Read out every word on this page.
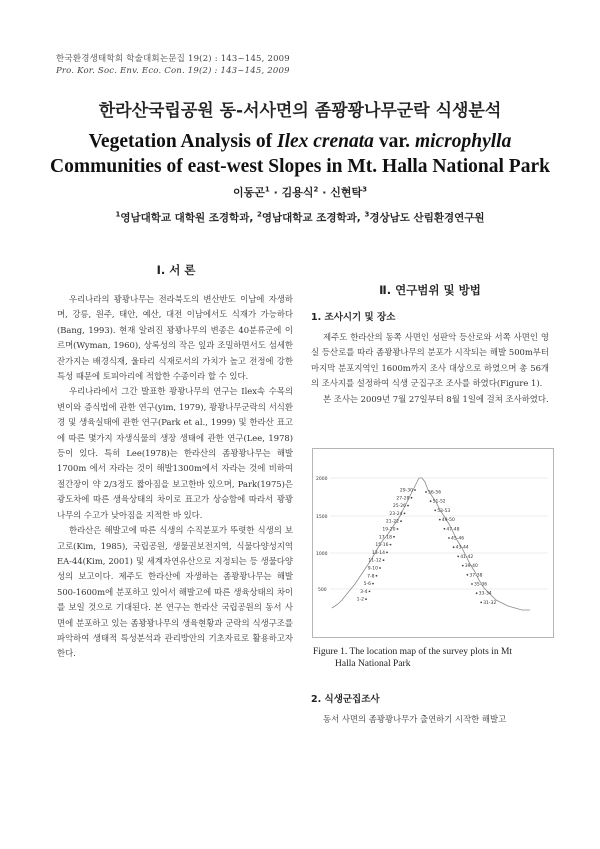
한국환경생태학회 학술대회논문집 19(2) : 143~145, 2009
Pro. Kor. Soc. Env. Eco. Con. 19(2) : 143~145, 2009
한라산국립공원 동-서사면의 좀꽝꽝나무군락 식생분석
Vegetation Analysis of Ilex crenata var. microphylla Communities of east-west Slopes in Mt. Halla National Park
이동곤$^1$ · 김용식$^2$ · 신현탁$^3$
$^1$영남대학교 대학원 조경학과, $^2$영남대학교 조경학과, $^3$경상남도 산림환경연구원
Ⅰ. 서 론

우리나라의 꽝꽝나무는 전라북도의 변산반도 이남에 자생하며, 강릉, 원주, 태안, 예산, 대전 이남에서도 식재가 가능하다(Bang, 1993). 현재 알려진 꽝꽝나무의 변종은 40분류군에 이르며(Wyman, 1960), 상록성의 작은 잎과 조밀하면서도 섬세한 잔가지는 배경식재, 울타리 식재로서의 가치가 높고 전정에 강한 특성 때문에 토피아리에 적합한 수종이라 할 수 있다.

우리나라에서 그간 발표한 꽝꽝나무의 연구는 Ilex속 수목의 변이와 증식법에 관한 연구(yim, 1979), 꽝꽝나무군락의 서식환경 및 생육실태에 관한 연구(Park et al., 1999) 및 한라산 표고에 따른 몇가지 자생식물의 생장 생태에 관한 연구(Lee, 1978) 등이 있다. 특히 Lee(1978)는 한라산의 좀꽝꽝나무는 해발1700m 에서 자라는 것이 해발1300m에서 자라는 것에 비하여 절간장이 약 2/3정도 짧아짐을 보고한바 있으며, Park(1975)은 광도차에 따른 생육상태의 차이로 표고가 상승함에 따라서 꽝꽝나무의 수고가 낮아짐을 지적한 바 있다.

한라산은 해발고에 따른 식생의 수직분포가 뚜렷한 식생의 보고로(Kim, 1985), 국립공원, 생물권보전지역, 식물다양성지역 EA-44(Kim, 2001) 및 세계자연유산으로 지정되는 등 생물다양성의 보고이다. 제주도 한라산에 자생하는 좀꽝꽝나무는 해발 500-1600m에 분포하고 있어서 해발고에 따른 생육상태의 차이를 보일 것으로 기대된다. 본 연구는 한라산 국립공원의 동서 사면에 분포하고 있는 좀꽝꽝나무의 생육현황과 군락의 식생구조를 파악하여 생태적 특성분석과 관리방안의 기초자료로 활용하고자 한다.

Ⅱ. 연구범위 및 방법
1. 조사시기 및 장소

제주도 한라산의 동쪽 사면인 성판악 등산로와 서쪽 사면인 영실 등산로를 따라 좀꽝꽝나무의 분포가 시작되는 해발 500m부터 마지막 분포지역인 1600m까지 조사 대상으로 하였으며 총 56개의 조사지를 설정하여 식생 군집구조 조사를 하였다(Figure 1).

본 조사는 2009년 7월 27일부터 8월 1일에 걸쳐 조사하였다.

2000
1500
1000
500
29-30
27-28
25-26
23-24
21-22
19-20
17-18
15-16
13-14
11-12
9-10
7-8
5-6
3-4
1-2
56-56
51-52
53-53
49-50
47-48
45-46
43-44
41-42
39-40
37-38
35-36
33-34
31-32
Figure 1. The location map of the survey plots in Mt
Halla National Park
2. 식생군집조사

동서 사면의 좀꽝꽝나무가 출연하기 시작한 해발고
